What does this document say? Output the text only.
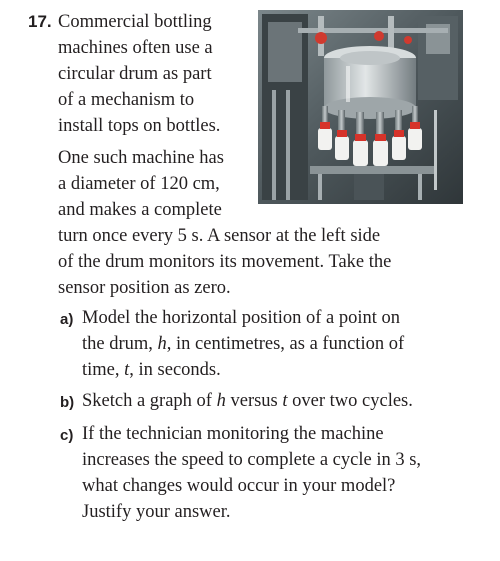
17. Commercial bottling
machines often use a
circular drum as part
of a mechanism to
install tops on bottles.
One such machine has
a diameter of 120 cm,
and makes a complete
turn once every 5 s. A sensor at the left side
of the drum monitors its movement. Take the
sensor position as zero.
a) Model the horizontal position of a point on
the drum, h, in centimetres, as a function of
time, t, in seconds.
b) Sketch a graph of h versus t over two cycles.
c) If the technician monitoring the machine
increases the speed to complete a cycle in 3 s,
what changes would occur in your model?
Justify your answer.
